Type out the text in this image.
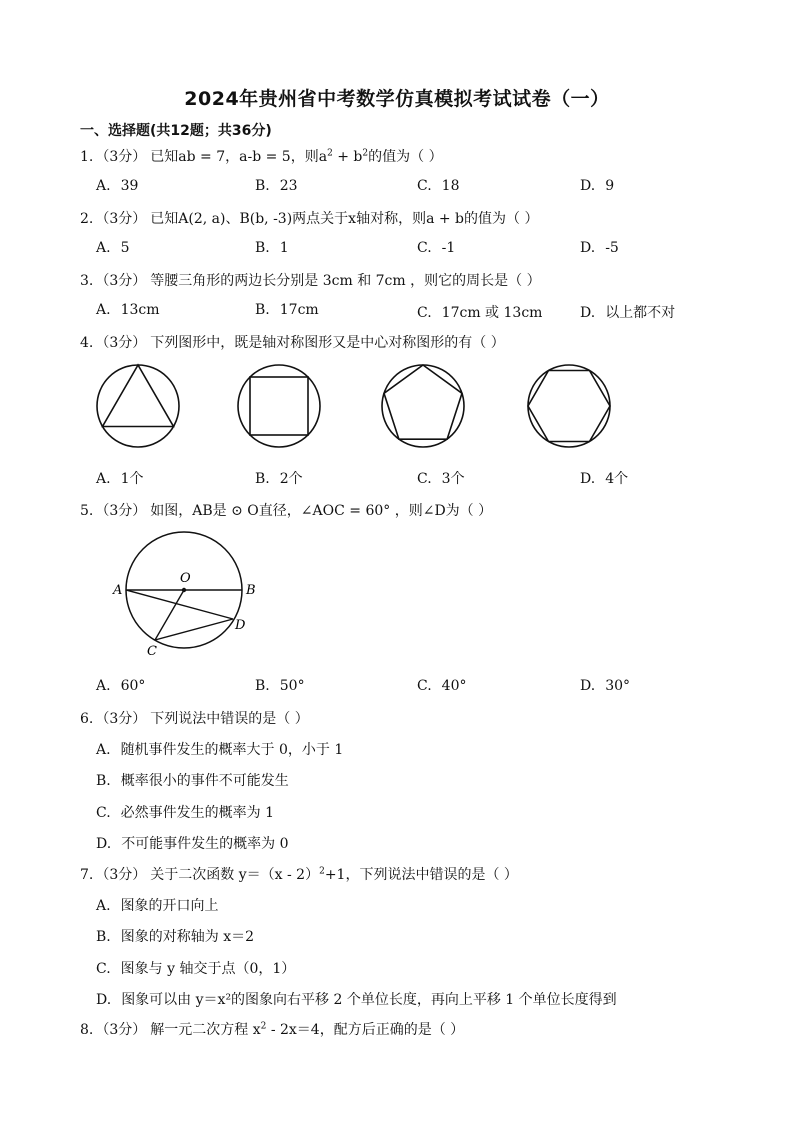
2024年贵州省中考数学仿真模拟考试试卷（一）
一、选择题(共12题；共36分)
1. （3分） 已知ab = 7，a-b = 5，则$a^2 + b^2$的值为（ ）
A. 39	B. 23	C. 18	D. 9
2. （3分） 已知A(2, a)、B(b, -3)两点关于x轴对称，则a + b的值为（ ）
A. 5	B. 1	C. -1	D. -5
3. （3分） 等腰三角形的两边长分别是 3cm 和 7cm ，则它的周长是（ ）
A. 13cm	B. 17cm	C. 17cm 或 13cm	D. 以上都不对
4. （3分） 下列图形中，既是轴对称图形又是中心对称图形的有（ ）
A. 1个	B. 2个	C. 3个	D. 4个
5. （3分） 如图，AB是 ⊙ O直径，∠AOC = 60° ，则∠D为（ ）
A	B
O
C
D
A. 60°	B. 50°	C. 40°	D. 30°
6. （3分） 下列说法中错误的是（ ）
A. 随机事件发生的概率大于 0，小于 1
B. 概率很小的事件不可能发生
C. 必然事件发生的概率为 1
D. 不可能事件发生的概率为 0
7. （3分） 关于二次函数 y＝（x - 2）$^2$+1，下列说法中错误的是（ ）
A. 图象的开口向上
B. 图象的对称轴为 x＝2
C. 图象与 y 轴交于点（0，1）
D. 图象可以由 y＝x²的图象向右平移 2 个单位长度，再向上平移 1 个单位长度得到
8. （3分） 解一元二次方程 $x^2 - 2x=4$，配方后正确的是（ ）
